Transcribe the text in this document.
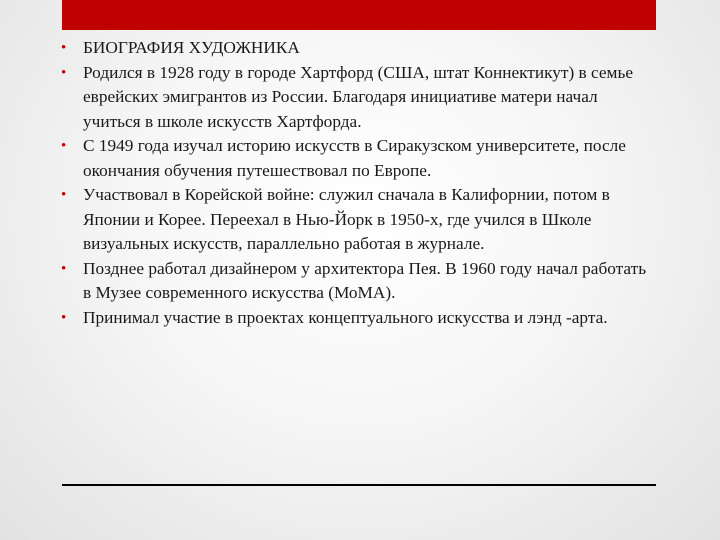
• БИОГРАФИЯ ХУДОЖНИКА
• Родился в 1928 году в городе Хартфорд (США, штат Коннектикут) в семье еврейских эмигрантов из России. Благодаря инициативе матери начал учиться в школе искусств Хартфорда.
• С 1949 года изучал историю искусств в Сиракузском университете, после окончания обучения путешествовал по Европе.
• Участвовал в Корейской войне: служил сначала в Калифорнии, потом в Японии и Корее. Переехал в Нью-Йорк в 1950-х, где учился в Школе визуальных искусств, параллельно работая в журнале.
• Позднее работал дизайнером у архитектора Пея. В 1960 году начал работать в Музее современного искусства (МоМА).
• Принимал участие в проектах концептуального искусства и лэнд -арта.
